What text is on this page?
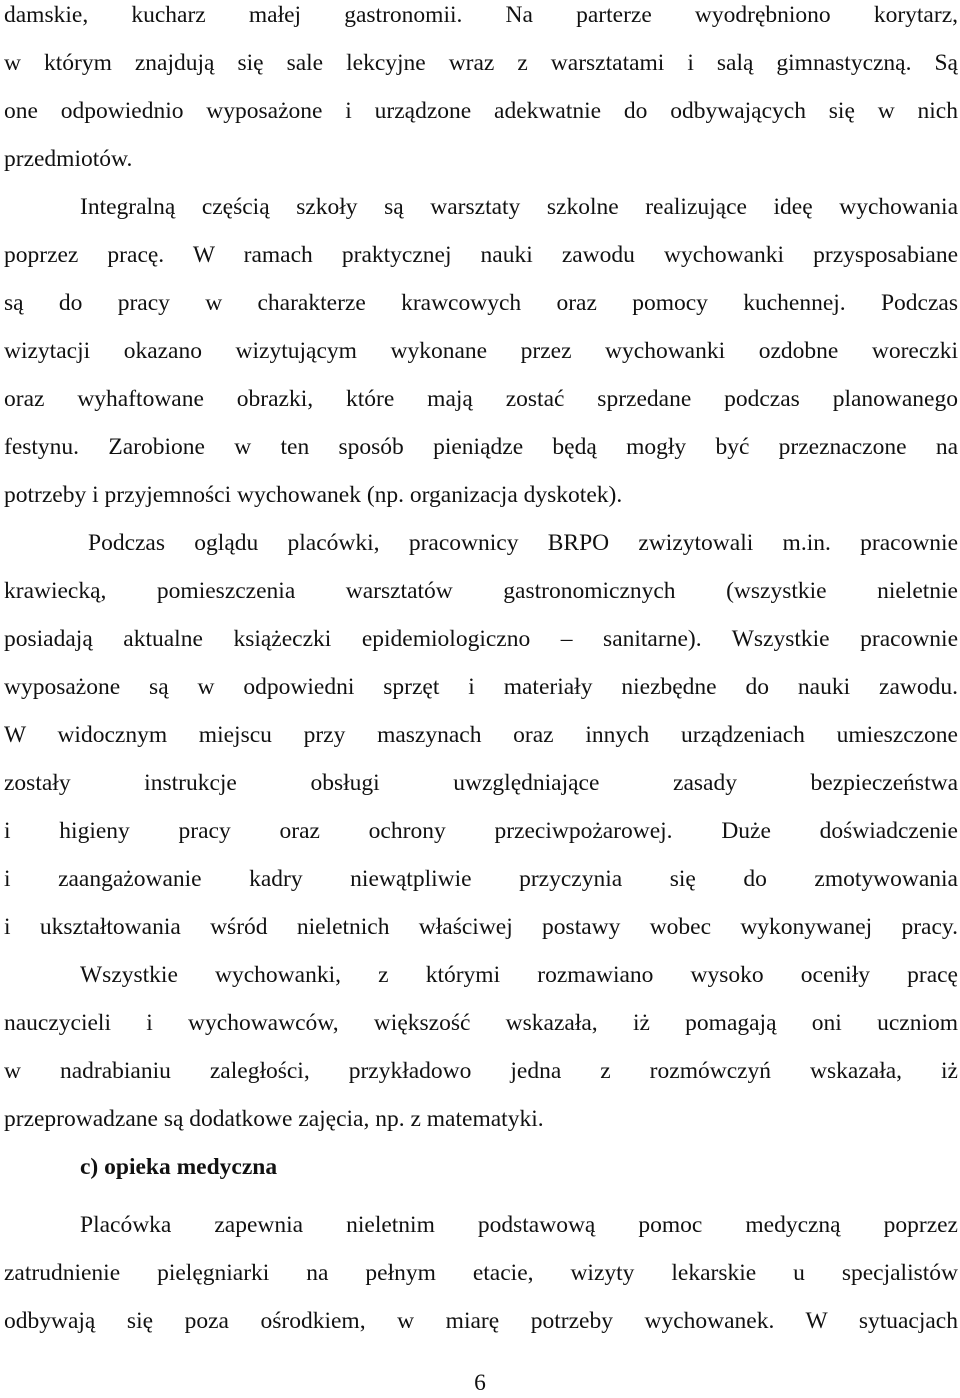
damskie, kucharz małej gastronomii. Na parterze wyodrębniono korytarz,
w którym znajdują się sale lekcyjne wraz z warsztatami i salą gimnastyczną. Są
one odpowiednio wyposażone i urządzone adekwatnie do odbywających się w nich
przedmiotów.
Integralną częścią szkoły są warsztaty szkolne realizujące ideę wychowania
poprzez pracę. W ramach praktycznej nauki zawodu wychowanki przysposabiane
są do pracy w charakterze krawcowych oraz pomocy kuchennej. Podczas
wizytacji okazano wizytującym wykonane przez wychowanki ozdobne woreczki
oraz wyhaftowane obrazki, które mają zostać sprzedane podczas planowanego
festynu. Zarobione w ten sposób pieniądze będą mogły być przeznaczone na
potrzeby i przyjemności wychowanek (np. organizacja dyskotek).
Podczas oglądu placówki, pracownicy BRPO zwizytowali m.in. pracownie
krawiecką, pomieszczenia warsztatów gastronomicznych (wszystkie nieletnie
posiadają aktualne książeczki epidemiologiczno – sanitarne). Wszystkie pracownie
wyposażone są w odpowiedni sprzęt i materiały niezbędne do nauki zawodu.
W widocznym miejscu przy maszynach oraz innych urządzeniach umieszczone
zostały instrukcje obsługi uwzględniające zasady bezpieczeństwa
i higieny pracy oraz ochrony przeciwpożarowej. Duże doświadczenie
i zaangażowanie kadry niewątpliwie przyczynia się do zmotywowania
i ukształtowania wśród nieletnich właściwej postawy wobec wykonywanej pracy.
Wszystkie wychowanki, z którymi rozmawiano wysoko oceniły pracę
nauczycieli i wychowawców, większość wskazała, iż pomagają oni uczniom
w nadrabianiu zaległości, przykładowo jedna z rozmówczyń wskazała, iż
przeprowadzane są dodatkowe zajęcia, np. z matematyki.
c) opieka medyczna
Placówka zapewnia nieletnim podstawową pomoc medyczną poprzez
zatrudnienie pielęgniarki na pełnym etacie, wizyty lekarskie u specjalistów
odbywają się poza ośrodkiem, w miarę potrzeby wychowanek. W sytuacjach
6
